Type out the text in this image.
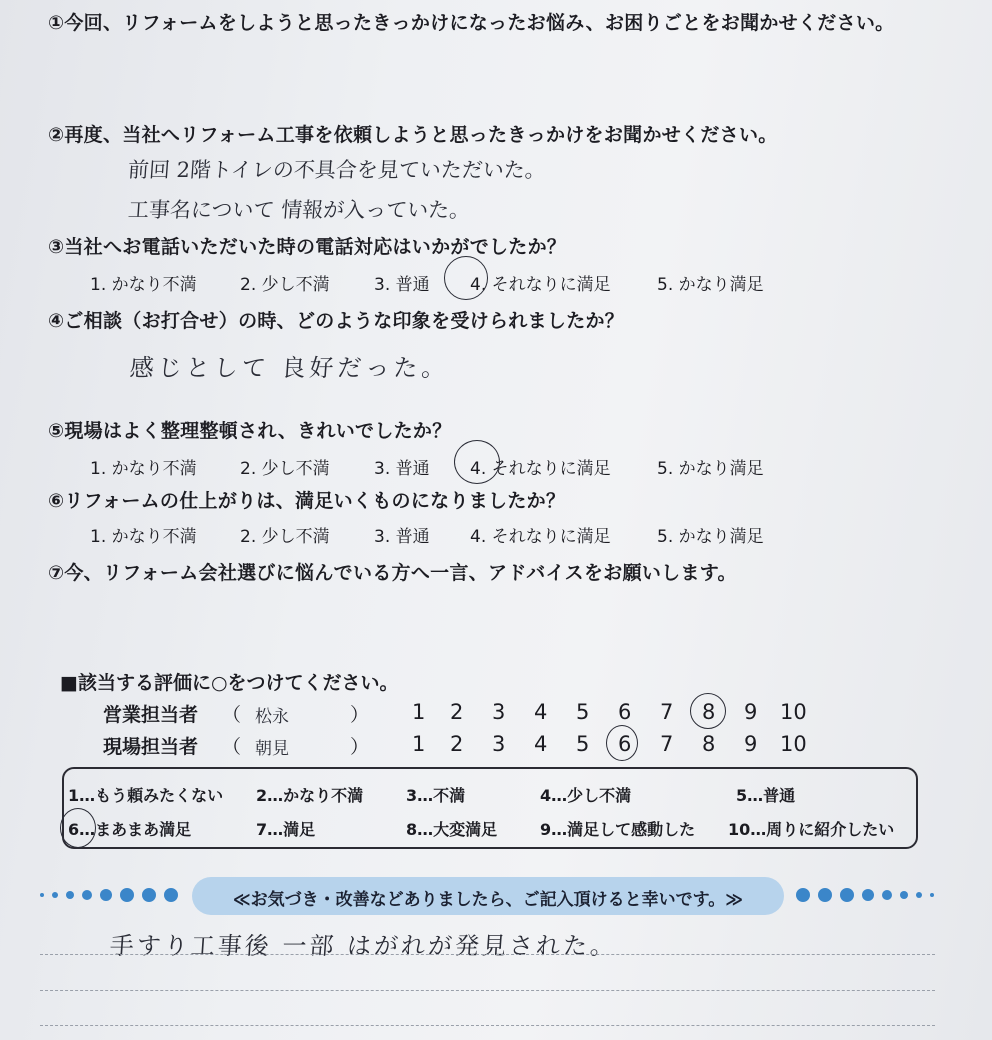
①今回、リフォームをしようと思ったきっかけになったお悩み、お困りごとをお聞かせください。
②再度、当社へリフォーム工事を依頼しようと思ったきっかけをお聞かせください。
前回 2階トイレの不具合を見ていただいた。
工事名について 情報が入っていた。
③当社へお電話いただいた時の電話対応はいかがでしたか？
1. かなり不満	2. 少し不満	3. 普通 4. それなりに満足	5. かなり満足
④ご相談（お打合せ）の時、どのような印象を受けられましたか？
感じとして 良好だった。
⑤現場はよく整理整頓され、きれいでしたか？
1. かなり不満	2. 少し不満	3. 普通 4. それなりに満足	5. かなり満足
⑥リフォームの仕上がりは、満足いくものになりましたか？
1. かなり不満	2. 少し不満	3. 普通 4. それなりに満足	5. かなり満足
⑦今、リフォーム会社選びに悩んでいる方へ一言、アドバイスをお願いします。
■該当する評価に○をつけてください。
営業担当者 （ 松永	） 1 2 3 4 5 6 7 8 9 10
現場担当者 （ 朝見	） 1 2 3 4 5 6 7 8 9 10
1…もう頼みたくない 2…かなり不満	3…不満	4…少し不満	5…普通
6…まあまあ満足	7…満足	8…大変満足	9…満足して感動した 10…周りに紹介したい
≪お気づき・改善などありましたら、ご記入頂けると幸いです。≫
手すり工事後 一部 はがれが発見された。
